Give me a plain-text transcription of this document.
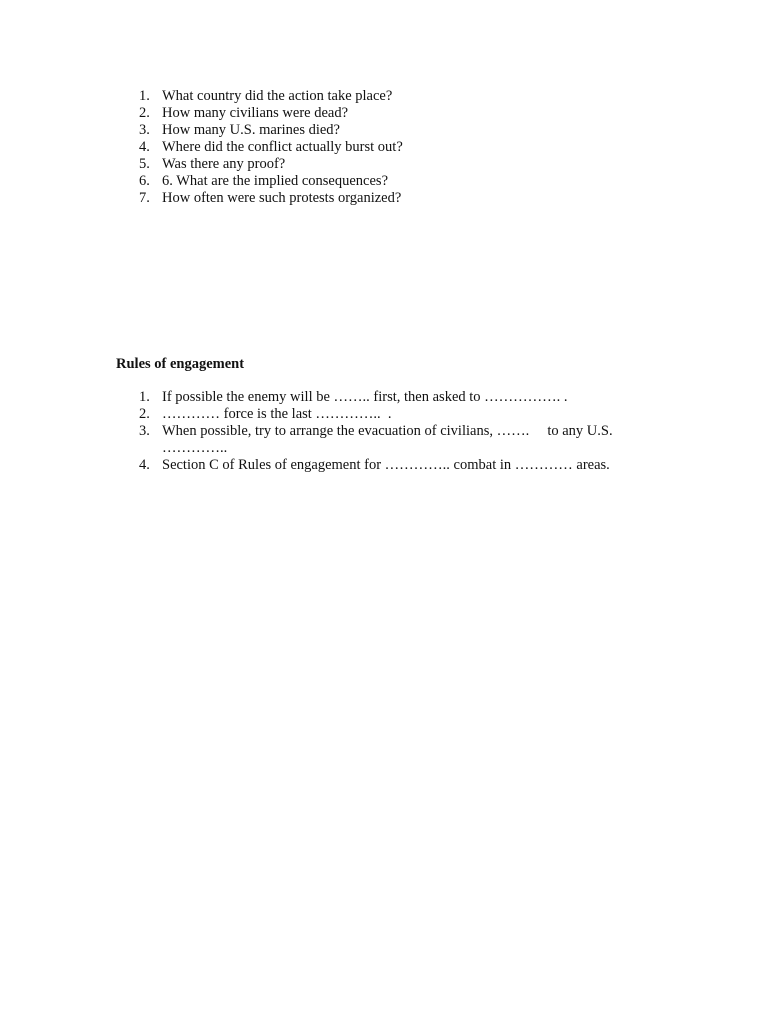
1. What country did the action take place?
2. How many civilians were dead?
3. How many U.S. marines died?
4. Where did the conflict actually burst out?
5. Was there any proof?
6. 6. What are the implied consequences?
7. How often were such protests organized?
Rules of engagement
1. If possible the enemy will be …….. first, then asked to ……………. .
2. ………… force is the last …………..  .
3. When possible, try to arrange the evacuation of civilians, …….     to any U.S. …………..
4. Section C of Rules of engagement for ………….. combat in ………… areas.
